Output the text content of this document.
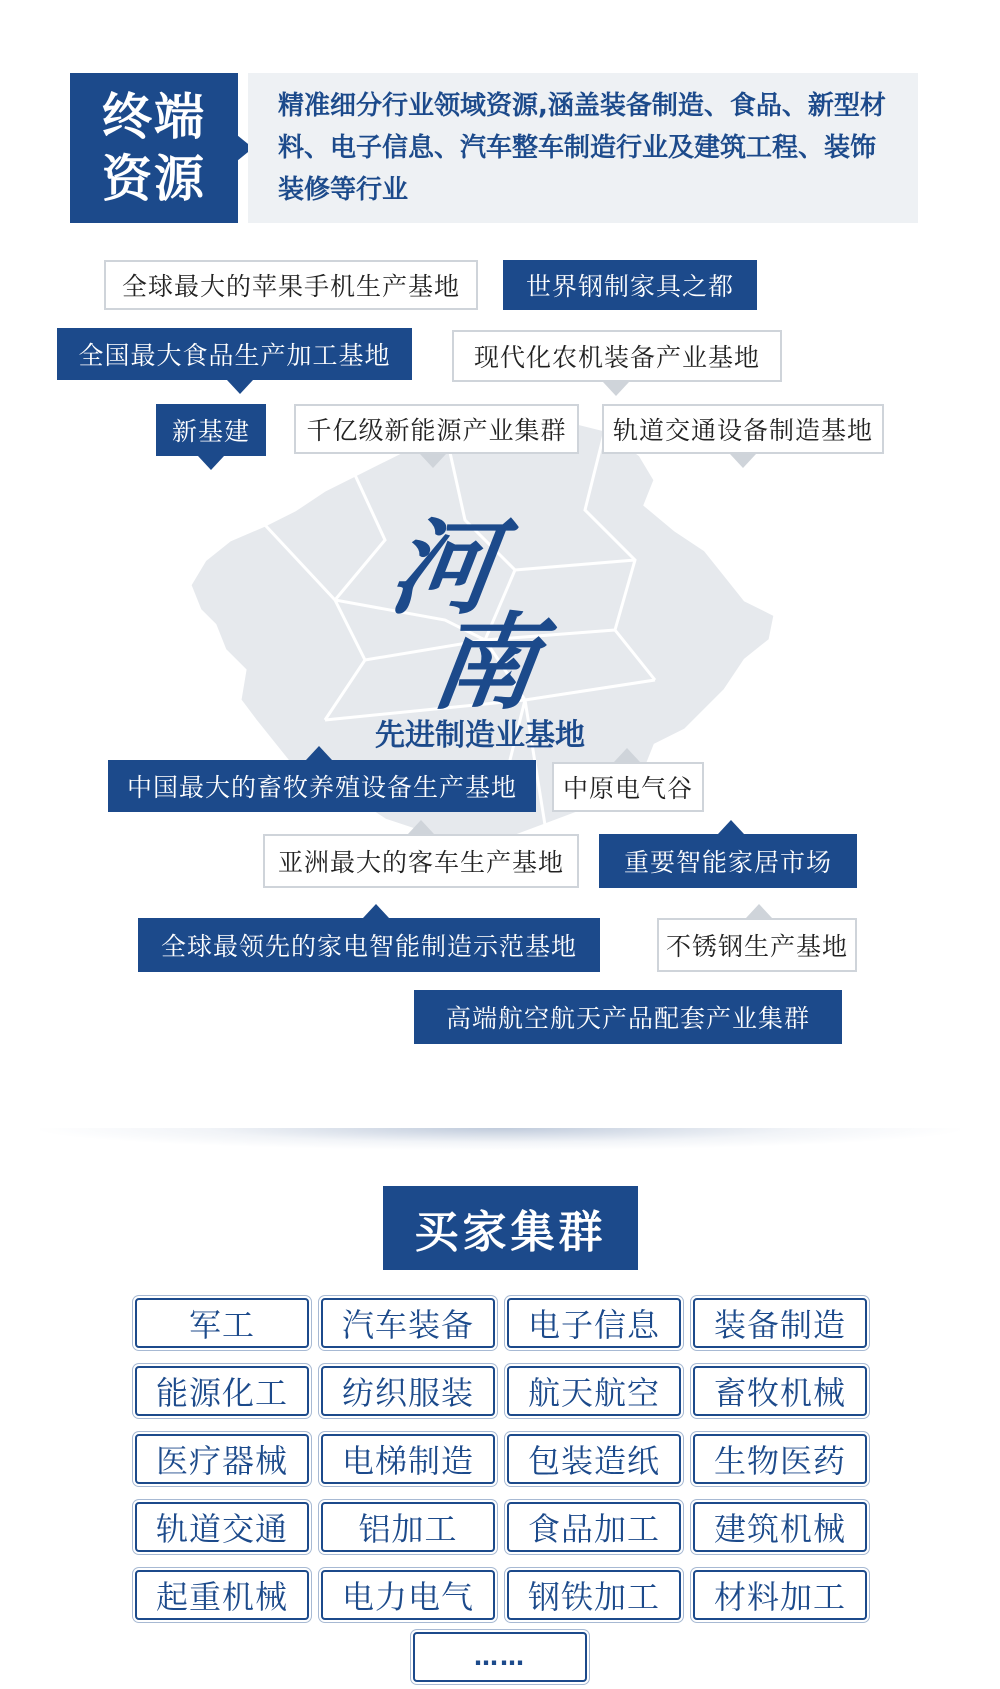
终端
资源
精准细分行业领域资源,涵盖装备制造、食品、新型材料、电子信息、汽车整车制造行业及建筑工程、装饰装修等行业
全球最大的苹果手机生产基地	世界钢制家具之都
全国最大食品生产加工基地	现代化农机装备产业基地
新基建	千亿级新能源产业集群	轨道交通设备制造基地
河
南
先进制造业基地
中国最大的畜牧养殖设备生产基地	中原电气谷
亚洲最大的客车生产基地	重要智能家居市场
全球最领先的家电智能制造示范基地	不锈钢生产基地
高端航空航天产品配套产业集群
买家集群
军工	汽车装备	电子信息	装备制造
能源化工	纺织服装	航天航空	畜牧机械
医疗器械	电梯制造	包装造纸	生物医药
轨道交通	铝加工	食品加工	建筑机械
起重机械	电力电气	钢铁加工	材料加工
……
